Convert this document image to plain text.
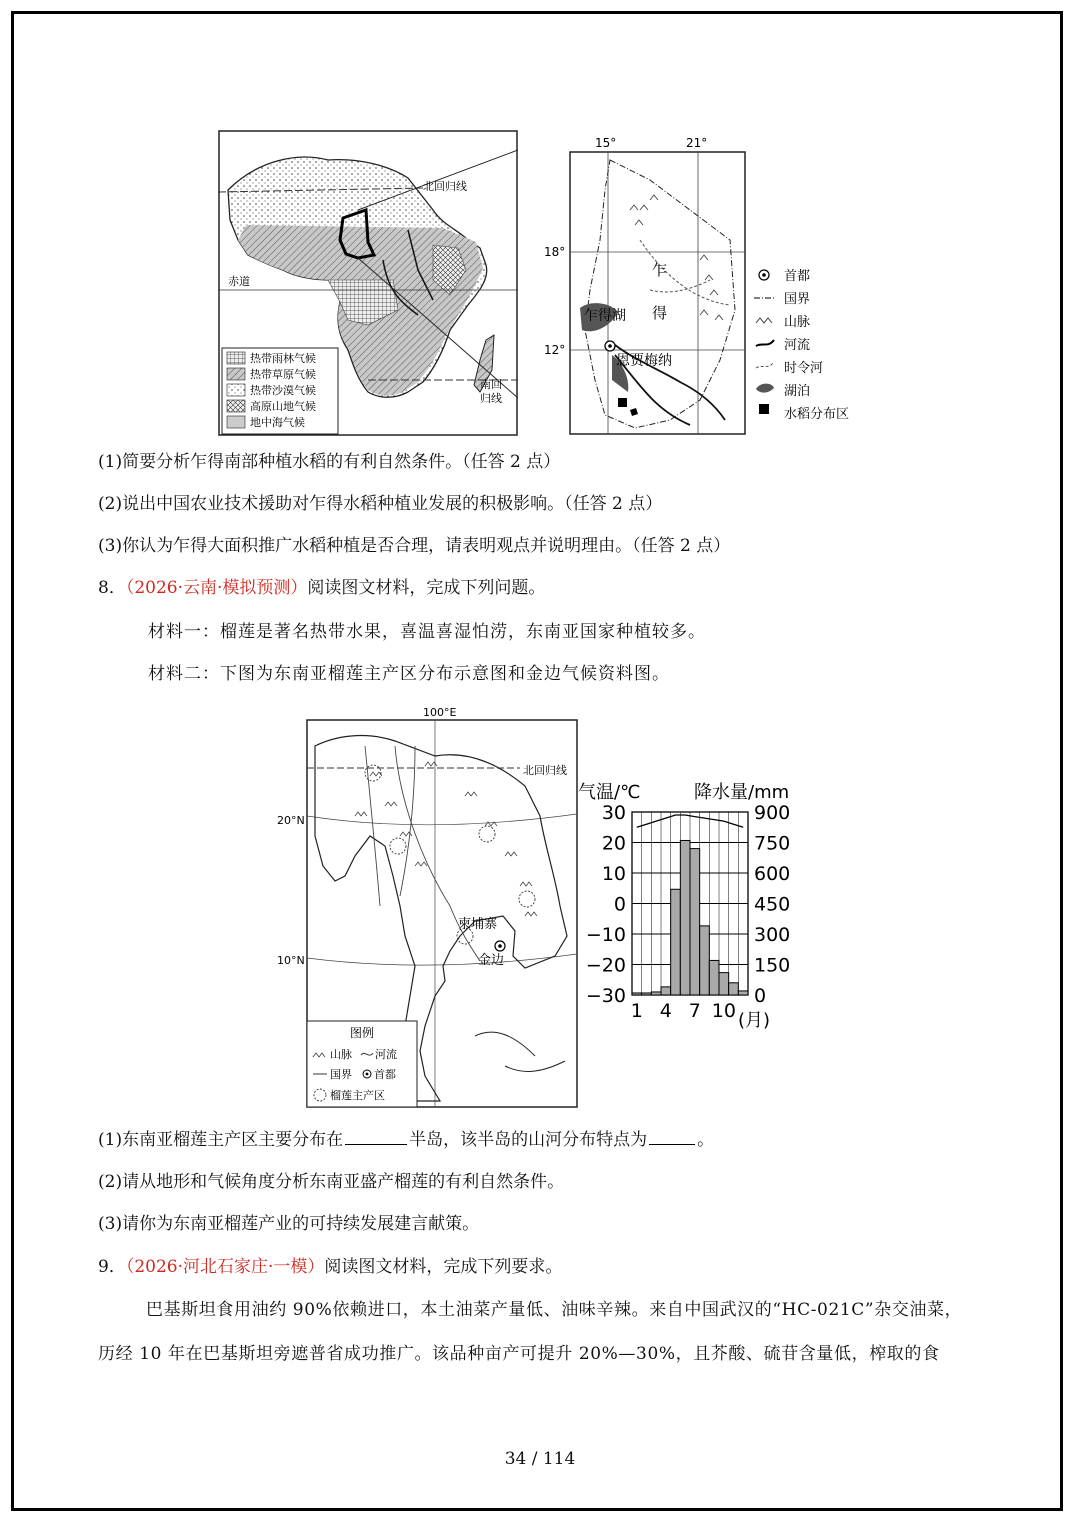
北回归线
赤道
南回
归线
热带雨林气候
热带草原气候
热带沙漠气候
高原山地气候
地中海气候
15°	21°
18°
12°
乍
得
乍得湖
恩贾梅纳
首都
国界
山脉
河流
时令河
湖泊
水稻分布区
(1)简要分析乍得南部种植水稻的有利自然条件。（任答 2 点）
(2)说出中国农业技术援助对乍得水稻种植业发展的积极影响。（任答 2 点）
(3)你认为乍得大面积推广水稻种植是否合理，请表明观点并说明理由。（任答 2 点）
8．（2026·云南·模拟预测）阅读图文材料，完成下列问题。
材料一：榴莲是著名热带水果，喜温喜湿怕涝，东南亚国家种植较多。
材料二：下图为东南亚榴莲主产区分布示意图和金边气候资料图。
100°E
北回归线
20°N
10°N
柬埔寨
金边
图例
山脉 河流
国界 首都
榴莲主产区
气温/℃	降水量/mm
30	900
20	750
10	600
0	450
−10	300
−20	150
−30	0
1 4 7 10 (月)
(1)东南亚榴莲主产区主要分布在	半岛，该半岛的山河分布特点为	。
(2)请从地形和气候角度分析东南亚盛产榴莲的有利自然条件。
(3)请你为东南亚榴莲产业的可持续发展建言献策。
9．（2026·河北石家庄·一模）阅读图文材料，完成下列要求。
巴基斯坦食用油约 90%依赖进口，本土油菜产量低、油味辛辣。来自中国武汉的“HC-021C”杂交油菜，
历经 10 年在巴基斯坦旁遮普省成功推广。该品种亩产可提升 20%—30%，且芥酸、硫苷含量低，榨取的食
34 / 114
